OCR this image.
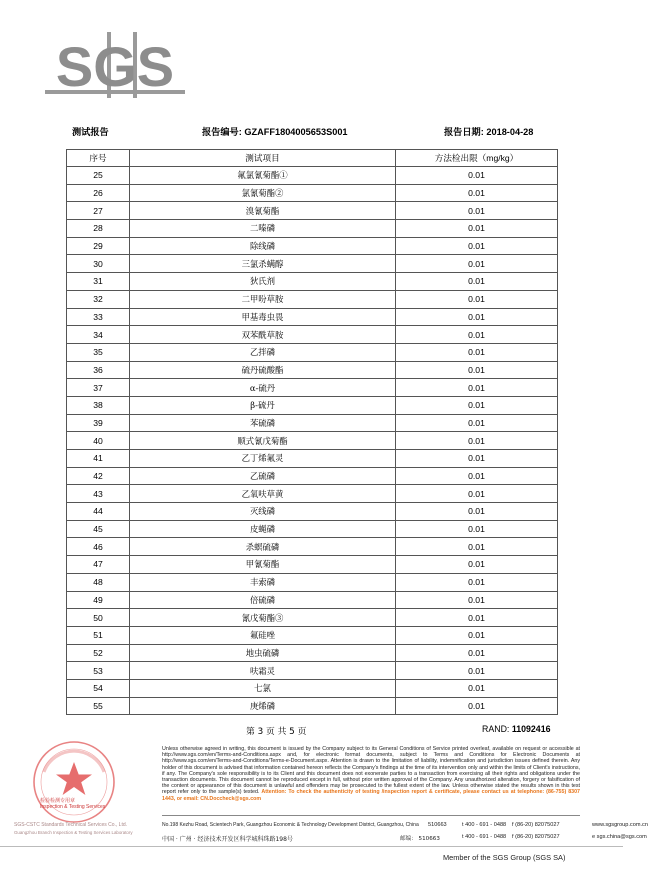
SGS
测试报告	报告编号: GZAFF1804005653S001	报告日期: 2018-04-28
序号	测试项目	方法检出限（mg/kg）
25	氟氯氰菊酯①	0.01
26	氯氰菊酯②	0.01
27	溴氰菊酯	0.01
28	二嗪磷	0.01
29	除线磷	0.01
30	三氯杀螨醇	0.01
31	狄氏剂	0.01
32	二甲吩草胺	0.01
33	甲基毒虫畏	0.01
34	双苯酰草胺	0.01
35	乙拌磷	0.01
36	硫丹硫酸酯	0.01
37	α-硫丹	0.01
38	β-硫丹	0.01
39	苯硫磷	0.01
40	顺式氰戊菊酯	0.01
41	乙丁烯氟灵	0.01
42	乙硫磷	0.01
43	乙氧呋草黄	0.01
44	灭线磷	0.01
45	皮蝇磷	0.01
46	杀螟硫磷	0.01
47	甲氰菊酯	0.01
48	丰索磷	0.01
49	倍硫磷	0.01
50	氰戊菊酯③	0.01
51	氟硅唑	0.01
52	地虫硫磷	0.01
53	呋霜灵	0.01
54	七氯	0.01
55	庚烯磷	0.01
第 3 页 共 5 页	RAND: 11092416
检验检测专用章
Inspection & Testing Services
SGS-CSTC Standards Technical Services Co., Ltd.
Guangzhou Branch Inspection & Testing Services Laboratory
Unless otherwise agreed in writing, this document is issued by the Company subject to its General Conditions of Service printed overleaf, available on request or accessible at http://www.sgs.com/en/Terms-and-Conditions.aspx and, for electronic format documents, subject to Terms and Conditions for Electronic Documents at http://www.sgs.com/en/Terms-and-Conditions/Terms-e-Document.aspx. Attention is drawn to the limitation of liability, indemnification and jurisdiction issues defined therein. Any holder of this document is advised that information contained hereon reflects the Company's findings at the time of its intervention only and within the limits of Client's instructions, if any. The Company's sole responsibility is to its Client and this document does not exonerate parties to a transaction from exercising all their rights and obligations under the transaction documents. This document cannot be reproduced except in full, without prior written approval of the Company. Any unauthorized alteration, forgery or falsification of the content or appearance of this document is unlawful and offenders may be prosecuted to the fullest extent of the law. Unless otherwise stated the results shown in this test report refer only to the sample(s) tested. Attention: To check the authenticity of testing /inspection report & certificate, please contact us at telephone: (86-755) 8307 1443, or email: CN.Doccheck@sgs.com
No.198 Kezhu Road, Scientech Park, Guangzhou Economic & Technology Development District, Guangzhou, China 510663	t 400 - 691 - 0488 f (86-20) 82075027	www.sgsgroup.com.cn
中国 · 广州 · 经济技术开发区科学城科珠路198号	邮编： 510663	t 400 - 691 - 0488 f (86-20) 82075027	e sgs.china@sgs.com
Member of the SGS Group (SGS SA)
